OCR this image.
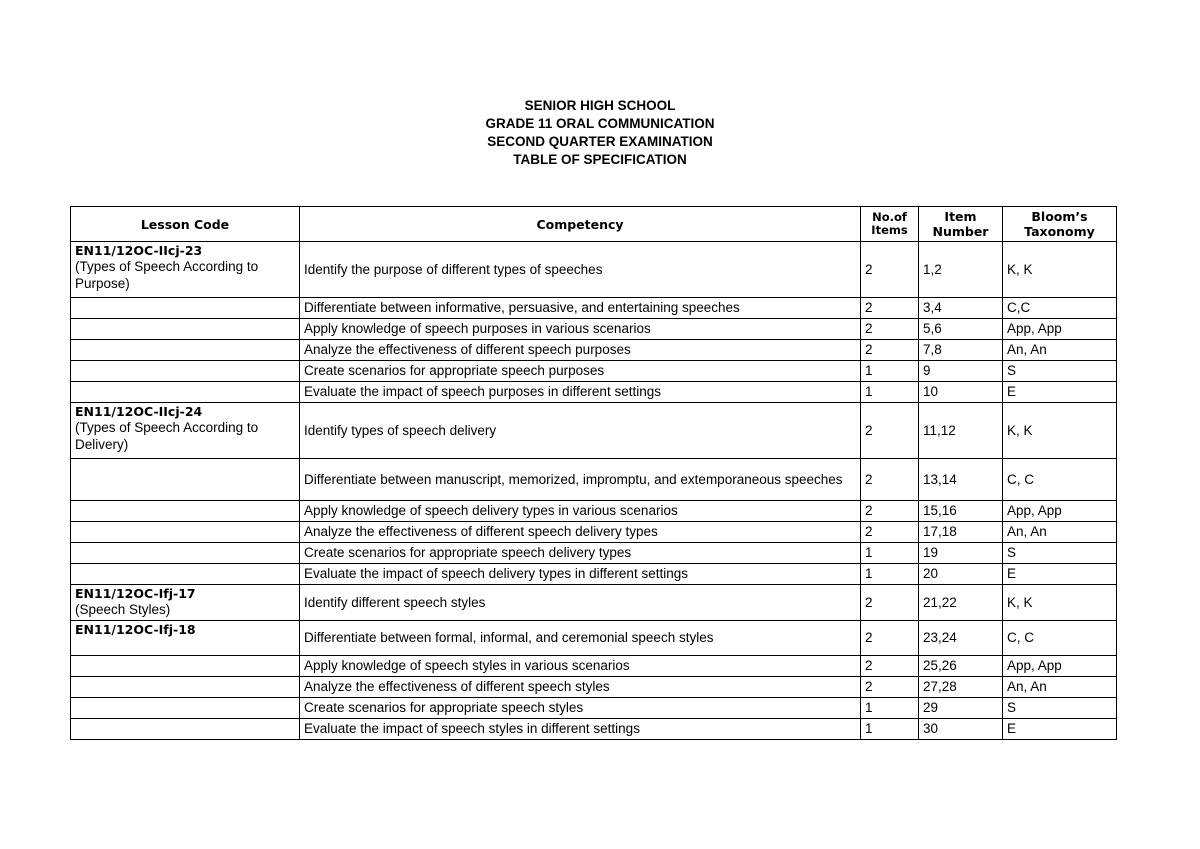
SENIOR HIGH SCHOOL
GRADE 11 ORAL COMMUNICATION
SECOND QUARTER EXAMINATION
TABLE OF SPECIFICATION
Lesson Code	Competency	No.of Items	Item Number	Bloom’s Taxonomy

EN11/12OC-IIcj-23
(Types of Speech According to Purpose)	Identify the purpose of different types of speeches	2	1,2	K, K
	Differentiate between informative, persuasive, and entertaining speeches	2	3,4	C,C
	Apply knowledge of speech purposes in various scenarios	2	5,6	App, App
	Analyze the effectiveness of different speech purposes	2	7,8	An, An
	Create scenarios for appropriate speech purposes	1	9	S
	Evaluate the impact of speech purposes in different settings	1	10	E

EN11/12OC-IIcj-24
(Types of Speech According to Delivery)	Identify types of speech delivery	2	11,12	K, K
	Differentiate between manuscript, memorized, impromptu, and extemporaneous speeches	2	13,14	C, C
	Apply knowledge of speech delivery types in various scenarios	2	15,16	App, App
	Analyze the effectiveness of different speech delivery types	2	17,18	An, An
	Create scenarios for appropriate speech delivery types	1	19	S
	Evaluate the impact of speech delivery types in different settings	1	20	E

EN11/12OC-Ifj-17
(Speech Styles)	Identify different speech styles	2	21,22	K, K

EN11/12OC-Ifj-18	Differentiate between formal, informal, and ceremonial speech styles	2	23,24	C, C
	Apply knowledge of speech styles in various scenarios	2	25,26	App, App
	Analyze the effectiveness of different speech styles	2	27,28	An, An
	Create scenarios for appropriate speech styles	1	29	S
	Evaluate the impact of speech styles in different settings	1	30	E
